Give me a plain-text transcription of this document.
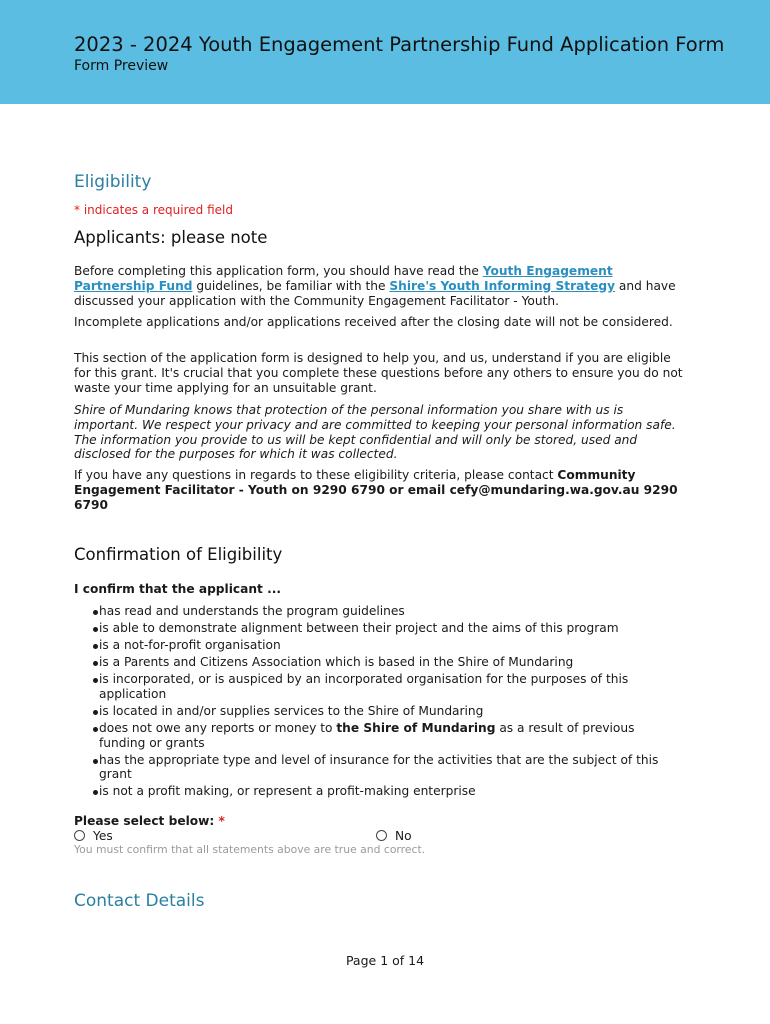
2023 - 2024 Youth Engagement Partnership Fund Application Form
Form Preview
Eligibility
* indicates a required field
Applicants: please note
Before completing this application form, you should have read the Youth Engagement Partnership Fund guidelines, be familiar with the Shire's Youth Informing Strategy and have discussed your application with the Community Engagement Facilitator - Youth.
Incomplete applications and/or applications received after the closing date will not be considered.
This section of the application form is designed to help you, and us, understand if you are eligible for this grant. It's crucial that you complete these questions before any others to ensure you do not waste your time applying for an unsuitable grant.
Shire of Mundaring knows that protection of the personal information you share with us is important. We respect your privacy and are committed to keeping your personal information safe. The information you provide to us will be kept confidential and will only be stored, used and disclosed for the purposes for which it was collected.
If you have any questions in regards to these eligibility criteria, please contact Community Engagement Facilitator - Youth on 9290 6790 or email cefy@mundaring.wa.gov.au 9290 6790
Confirmation of Eligibility
I confirm that the applicant ...
has read and understands the program guidelines
is able to demonstrate alignment between their project and the aims of this program
is a not-for-profit organisation
is a Parents and Citizens Association which is based in the Shire of Mundaring
is incorporated, or is auspiced by an incorporated organisation for the purposes of this application
is located in and/or supplies services to the Shire of Mundaring
does not owe any reports or money to the Shire of Mundaring as a result of previous funding or grants
has the appropriate type and level of insurance for the activities that are the subject of this grant
is not a profit making, or represent a profit-making enterprise
Please select below: *
Yes	No
You must confirm that all statements above are true and correct.
Contact Details
Page 1 of 14
